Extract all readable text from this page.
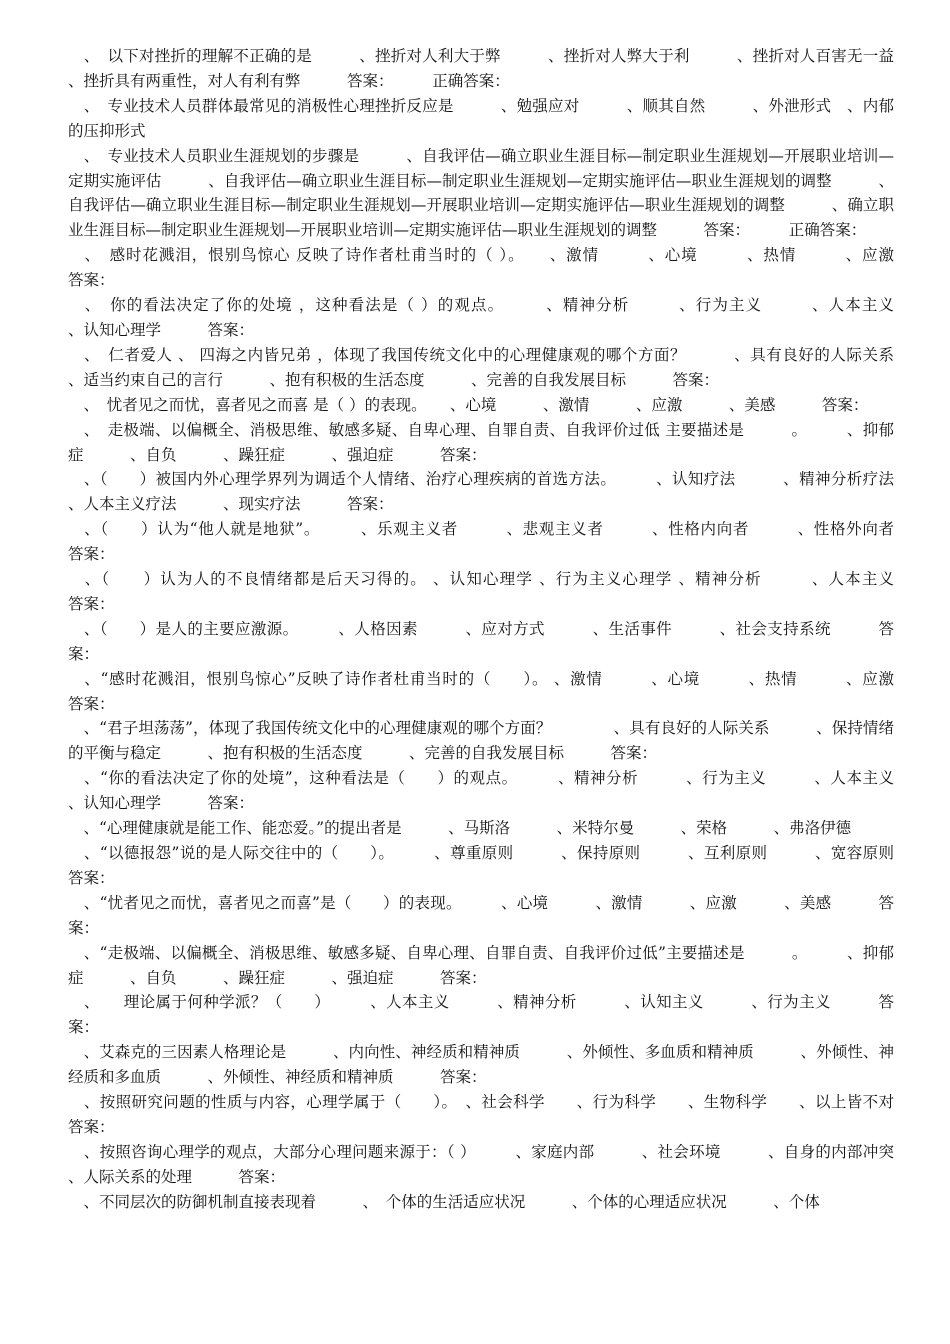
　、　以下对挫折的理解不正确的是　　　、挫折对人利大于弊　　　、挫折对人弊大于利　　　、挫折对人百害无一益　　　、挫折具有两重性，对人有利有弊　　　答案：　　　正确答案：

　、　专业技术人员群体最常见的消极性心理挫折反应是　　　、勉强应对　　　、顺其自然　　　、外泄形式　、内郁的压抑形式

　、　专业技术人员职业生涯规划的步骤是　　　、自我评估—确立职业生涯目标—制定职业生涯规划—开展职业培训—定期实施评估　　　、自我评估—确立职业生涯目标—制定职业生涯规划—定期实施评估—职业生涯规划的调整　　　、自我评估—确立职业生涯目标—制定职业生涯规划—开展职业培训—定期实施评估—职业生涯规划的调整　　　、确立职业生涯目标—制定职业生涯规划—开展职业培训—定期实施评估—职业生涯规划的调整　　　答案：　　　正确答案：

　、　感时花溅泪，恨别鸟惊心 反映了诗作者杜甫当时的（ ）。　　、激情　　　、心境　　　、热情　　　、应激　　　答案：

　、　你的看法决定了你的处境 ，这种看法是（ ）的观点。　　　、精神分析　　　、行为主义　　　、人本主义　　　、认知心理学　　　答案：

　、　仁者爱人 、 四海之内皆兄弟 ，体现了我国传统文化中的心理健康观的哪个方面？　　　、具有良好的人际关系　　、适当约束自己的言行　　　、抱有积极的生活态度　　　、完善的自我发展目标　　　答案：

　、　忧者见之而忧，喜者见之而喜 是（ ）的表现。　　、心境　　　、激情　　　、应激　　　、美感　　　答案：

　、　走极端、以偏概全、消极思维、敏感多疑、自卑心理、自罪自责、自我评价过低 主要描述是　　　。　　　、抑郁症　　　、自负　　　、躁狂症　　　、强迫症　　　答案：

　、（　　）被国内外心理学界列为调适个人情绪、治疗心理疾病的首选方法。　　　、认知疗法　　　、精神分析疗法　　　、人本主义疗法　　　、现实疗法　　　答案：

　、（　　）认为“他人就是地狱”。　　　、乐观主义者　　　、悲观主义者　　　、性格内向者　　　、性格外向者　　　答案：

　、（　　）认为人的不良情绪都是后天习得的。 、认知心理学 、行为主义心理学 、精神分析　　　、人本主义　　　答案：

　、（　　）是人的主要应激源。　　　、人格因素　　　、应对方式　　　、生活事件　　　、社会支持系统　　　答案：

　、“感时花溅泪，恨别鸟惊心”反映了诗作者杜甫当时的（　　）。 、激情　　　、心境　　　、热情　　　、应激　　　答案：

　、“君子坦荡荡”，体现了我国传统文化中的心理健康观的哪个方面？　　　　、具有良好的人际关系　　　、保持情绪的平衡与稳定　　　、抱有积极的生活态度　　　、完善的自我发展目标　　　答案：

　、“你的看法决定了你的处境”，这种看法是（　　）的观点。　　　、精神分析　　　、行为主义　　　、人本主义　　　、认知心理学　　　答案：

　、“心理健康就是能工作、能恋爱。”的提出者是　　　、马斯洛　　　、米特尔曼　　　、荣格　　　、弗洛伊德

　、“以德报怨”说的是人际交往中的（　　）。　　　、尊重原则　　　、保持原则　　　、互利原则　　　、宽容原则　　　答案：

　、“忧者见之而忧，喜者见之而喜”是（　　）的表现。　　　、心境　　　、激情　　　、应激　　　、美感　　　答案：

　、“走极端、以偏概全、消极思维、敏感多疑、自卑心理、自罪自责、自我评价过低”主要描述是　　　。　　　、抑郁症　　　、自负　　　、躁狂症　　　、强迫症　　　答案：

　、　　理论属于何种学派？（　　）　　　、人本主义　　　、精神分析　　　、认知主义　　　、行为主义　　　答案：

　、艾森克的三因素人格理论是　　　、内向性、神经质和精神质　　　、外倾性、多血质和精神质　　　、外倾性、神经质和多血质　　　、外倾性、神经质和精神质　　　答案：

　、按照研究问题的性质与内容，心理学属于（　　）。　、社会科学　　、行为科学　　、生物科学　　、以上皆不对　　答案：

　、按照咨询心理学的观点，大部分心理问题来源于：（ ）　　　、家庭内部　　　、社会环境　　　、自身的内部冲突　　　、人际关系的处理　　　答案：

　、不同层次的防御机制直接表现着　　　、　个体的生活适应状况　　　、个体的心理适应状况　　　、个体
